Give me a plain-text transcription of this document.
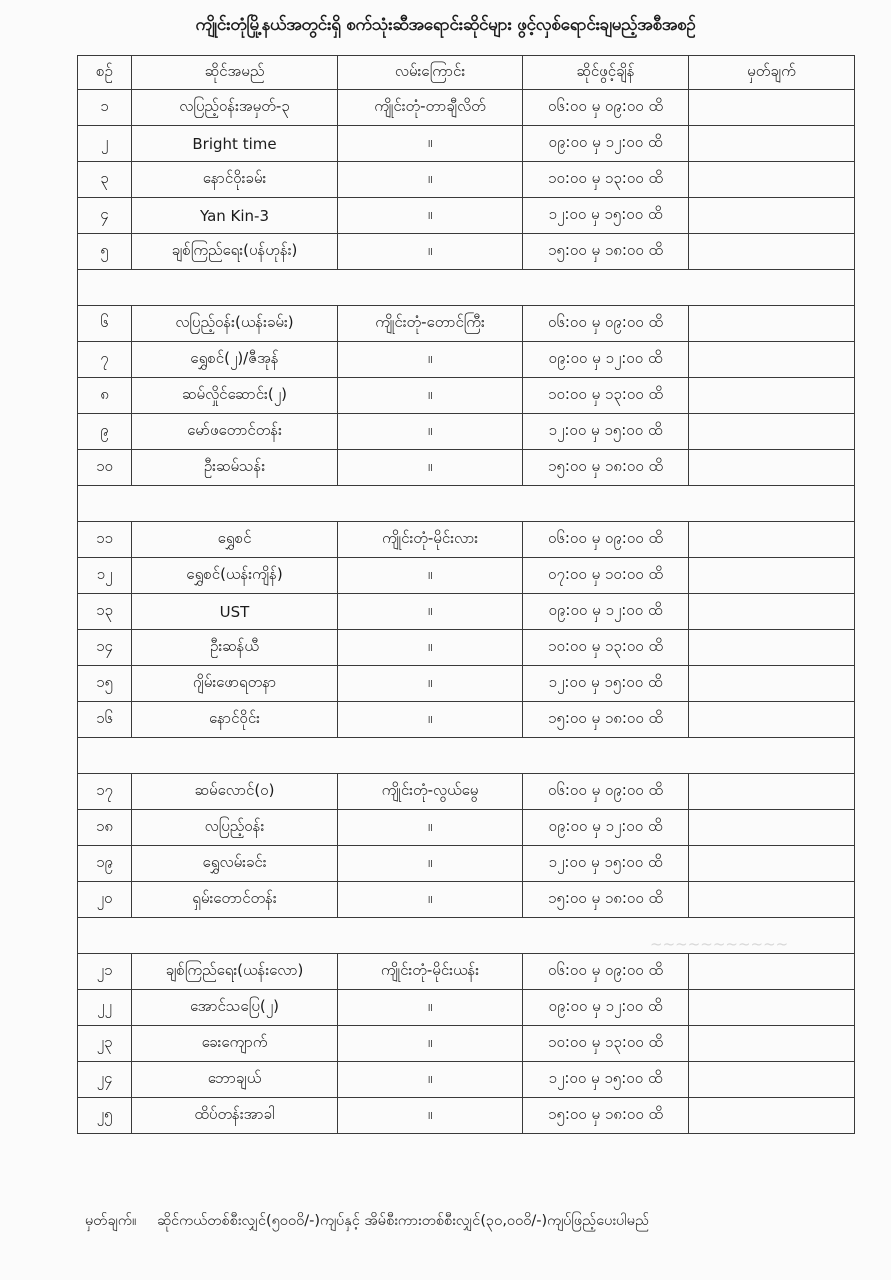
ကျိုင်းတုံမြို့နယ်အတွင်းရှိ စက်သုံးဆီအရောင်းဆိုင်များ ဖွင့်လှစ်ရောင်းချမည့်အစီအစဉ်
စဉ်	ဆိုင်အမည်	လမ်းကြောင်း	ဆိုင်ဖွင့်ချိန်	မှတ်ချက်
၁	လပြည့်ဝန်းအမှတ်-၃	ကျိုင်းတုံ-တာချီလိတ်	၀၆:၀၀ မှ ၀၉:၀၀ ထိ	
၂	Bright time	။	၀၉:၀၀ မှ ၁၂:၀၀ ထိ	
၃	နောင်ဝိုးခမ်း	။	၁၀:၀၀ မှ ၁၃:၀၀ ထိ	
၄	Yan Kin-3	။	၁၂:၀၀ မှ ၁၅:၀၀ ထိ	
၅	ချစ်ကြည်ရေး(ပန်ဟုန်း)	။	၁၅:၀၀ မှ ၁၈:၀၀ ထိ	

၆	လပြည့်ဝန်း(ယန်းခမ်း)	ကျိုင်းတုံ-တောင်ကြီး	၀၆:၀၀ မှ ၀၉:၀၀ ထိ	
၇	ရွှေစင်(၂)/ဇီအုန်	။	၀၉:၀၀ မှ ၁၂:၀၀ ထိ	
၈	ဆမ်လှိုင်ဆောင်း(၂)	။	၁၀:၀၀ မှ ၁၃:၀၀ ထိ	
၉	မော်ဖတောင်တန်း	။	၁၂:၀၀ မှ ၁၅:၀၀ ထိ	
၁၀	ဦးဆမ်သန်း	။	၁၅:၀၀ မှ ၁၈:၀၀ ထိ	

၁၁	ရွှေစင်	ကျိုင်းတုံ-မိုင်းလား	၀၆:၀၀ မှ ၀၉:၀၀ ထိ	
၁၂	ရွှေစင်(ယန်းကျိန်)	။	၀၇:၀၀ မှ ၁၀:၀၀ ထိ	
၁၃	UST	။	၀၉:၀၀ မှ ၁၂:၀၀ ထိ	
၁၄	ဦးဆန်ယီ	။	၁၀:၀၀ မှ ၁၃:၀၀ ထိ	
၁၅	ဂျိမ်းဖောရတနာ	။	၁၂:၀၀ မှ ၁၅:၀၀ ထိ	
၁၆	နောင်ဝိုင်း	။	၁၅:၀၀ မှ ၁၈:၀၀ ထိ	

၁၇	ဆမ်လောင်(ဝ)	ကျိုင်းတုံ-လွယ်မွေ	၀၆:၀၀ မှ ၀၉:၀၀ ထိ	
၁၈	လပြည့်ဝန်း	။	၀၉:၀၀ မှ ၁၂:၀၀ ထိ	
၁၉	ရွှေလမ်းခင်း	။	၁၂:၀၀ မှ ၁၅:၀၀ ထိ	
၂၀	ရှမ်းတောင်တန်း	။	၁၅:၀၀ မှ ၁၈:၀၀ ထိ	

၂၁	ချစ်ကြည်ရေး(ယန်းလော)	ကျိုင်းတုံ-မိုင်းယန်း	၀၆:၀၀ မှ ၀၉:၀၀ ထိ	
၂၂	အောင်သပြေ(၂)	။	၀၉:၀၀ မှ ၁၂:၀၀ ထိ	
၂၃	ခေးကျောက်	။	၁၀:၀၀ မှ ၁၃:၀၀ ထိ	
၂၄	ဘောချယ်	။	၁၂:၀၀ မှ ၁၅:၀၀ ထိ	
၂၅	ထိပ်တန်းအာခါ	။	၁၅:၀၀ မှ ၁၈:၀၀ ထိ	
~~~~~~~~~~~
မှတ်ချက်။ ဆိုင်ကယ်တစ်စီးလျှင်(၅၀၀၀ိ/-)ကျပ်နှင့် အိမ်စီးကားတစ်စီးလျှင်(၃၀,၀၀၀ိ/-)ကျပ်ဖြည့်ပေးပါမည်
